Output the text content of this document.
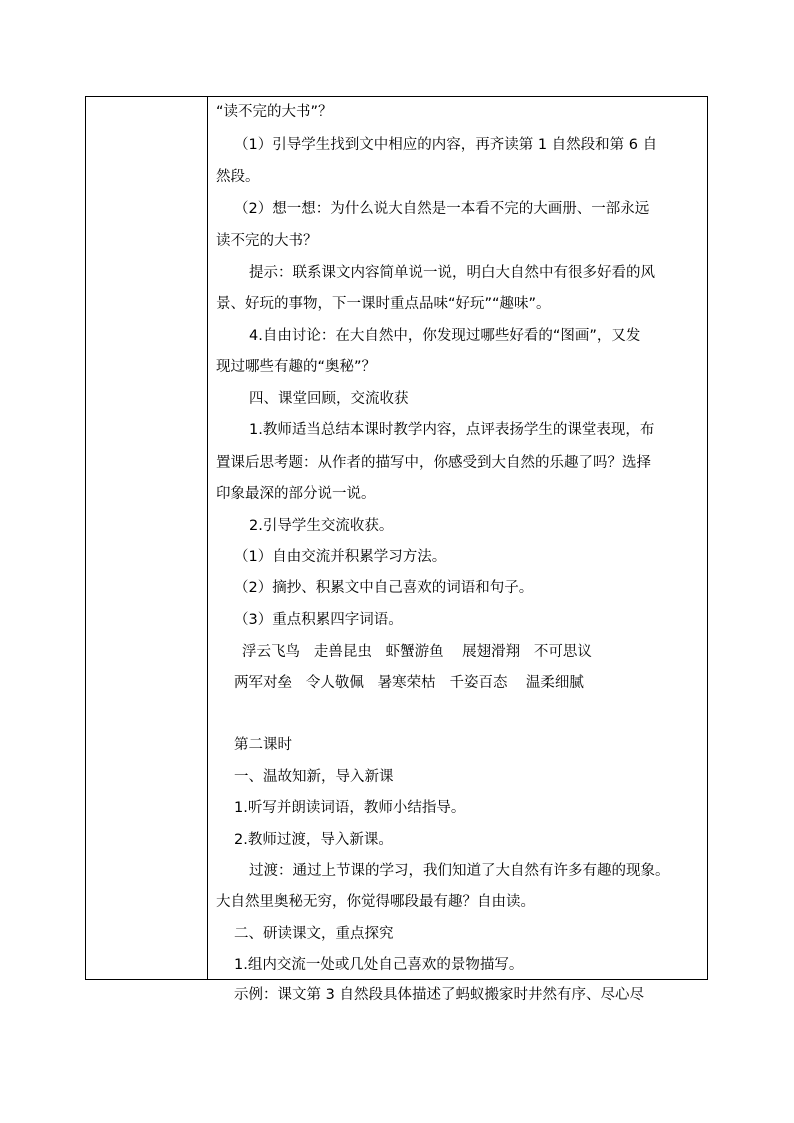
“读不完的大书”？
（1）引导学生找到文中相应的内容，再齐读第 1 自然段和第 6 自
然段。
（2）想一想：为什么说大自然是一本看不完的大画册、一部永远
读不完的大书？
提示：联系课文内容简单说一说，明白大自然中有很多好看的风
景、好玩的事物，下一课时重点品味“好玩”“趣味”。
4.自由讨论：在大自然中，你发现过哪些好看的“图画”，又发
现过哪些有趣的“奥秘”？
四、课堂回顾，交流收获
1.教师适当总结本课时教学内容，点评表扬学生的课堂表现，布
置课后思考题：从作者的描写中，你感受到大自然的乐趣了吗？选择
印象最深的部分说一说。
2.引导学生交流收获。
（1）自由交流并积累学习方法。
（2）摘抄、积累文中自己喜欢的词语和句子。
（3）重点积累四字词语。
浮云飞鸟   走兽昆虫   虾蟹游鱼    展翅滑翔   不可思议
两军对垒   令人敬佩   暑寒荣枯   千姿百态    温柔细腻
第二课时
一、温故知新，导入新课
1.听写并朗读词语，教师小结指导。
2.教师过渡，导入新课。
过渡：通过上节课的学习，我们知道了大自然有许多有趣的现象。
大自然里奥秘无穷，你觉得哪段最有趣？自由读。
二、研读课文，重点探究
1.组内交流一处或几处自己喜欢的景物描写。
示例：课文第 3 自然段具体描述了蚂蚁搬家时井然有序、尽心尽
